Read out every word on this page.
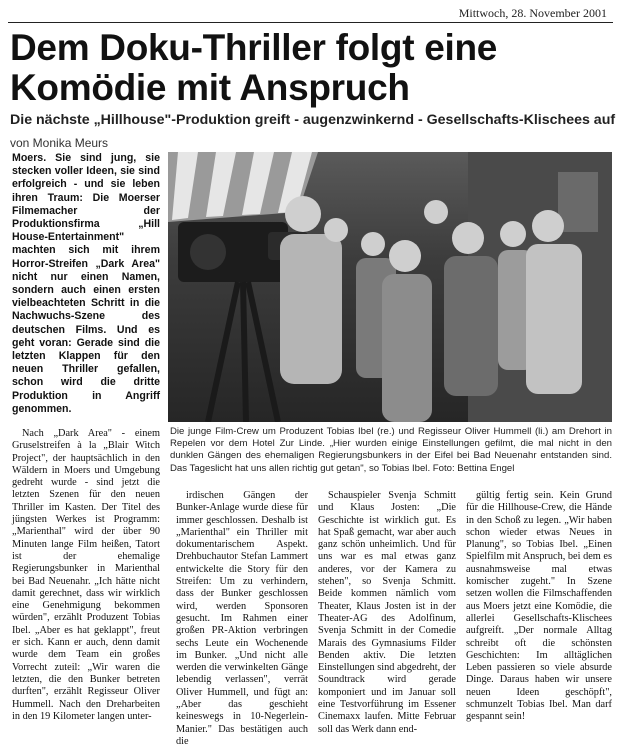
Mittwoch, 28. November 2001
Dem Doku-Thriller folgt eine Komödie mit Anspruch
Die nächste „Hillhouse"-Produktion greift - augenzwinkernd - Gesellschafts-Klischees auf
von Monika Meurs

Moers. Sie sind jung, sie stecken voller Ideen, sie sind erfolgreich - und sie leben ihren Traum: Die Moerser Filmemacher der Produktionsfirma „Hill House-Entertainment" machten sich mit ihrem Horror-Streifen „Dark Area" nicht nur einen Namen, sondern auch einen ersten vielbeachteten Schritt in die Nachwuchs-Szene des deutschen Films. Und es geht voran: Gerade sind die letzten Klappen für den neuen Thriller gefallen, schon wird die dritte Produktion in Angriff genommen.

Die junge Film-Crew um Produzent Tobias Ibel (re.) und Regisseur Oliver Hummell (li.) am Drehort in Repelen vor dem Hotel Zur Linde. „Hier wurden einige Einstellungen gefilmt, die mal nicht in den dunklen Gängen des ehemaligen Regierungsbunkers in der Eifel bei Bad Neuenahr entstanden sind. Das Tageslicht hat uns allen richtig gut getan", so Tobias Ibel. Foto: Bettina Engel

Nach „Dark Area" - einem Gruselstreifen à la „Blair Witch Project", der hauptsächlich in den Wäldern in Moers und Umgebung gedreht wurde - sind jetzt die letzten Szenen für den neuen Thriller im Kasten. Der Titel des jüngsten Werkes ist Programm: „Marienthal" wird der über 90 Minuten lange Film heißen, Tatort ist der ehemalige Regierungsbunker in Marienthal bei Bad Neuenahr. „Ich hätte nicht damit gerechnet, dass wir wirklich eine Genehmigung bekommen würden", erzählt Produzent Tobias Ibel. „Aber es hat geklappt", freut er sich. Kann er auch, denn damit wurde dem Team ein großes Vorrecht zuteil: „Wir waren die letzten, die den Bunker betreten durften", erzählt Regisseur Oliver Hummell. Nach den Dreharbeiten in den 19 Kilometer langen unter-

irdischen Gängen der Bunker-Anlage wurde diese für immer geschlossen. Deshalb ist „Marienthal" ein Thriller mit dokumentarischem Aspekt. Drehbuchautor Stefan Lammert entwickelte die Story für den Streifen: Um zu verhindern, dass der Bunker geschlossen wird, werden Sponsoren gesucht. Im Rahmen einer großen PR-Aktion verbringen sechs Leute ein Wochenende im Bunker. „Und nicht alle werden die verwinkelten Gänge lebendig verlassen", verrät Oliver Hummell, und fügt an: „Aber das geschieht keineswegs in 10-Negerlein-Manier." Das bestätigen auch die

Schauspieler Svenja Schmitt und Klaus Josten: „Die Geschichte ist wirklich gut. Es hat Spaß gemacht, war aber auch ganz schön unheimlich. Und für uns war es mal etwas ganz anderes, vor der Kamera zu stehen", so Svenja Schmitt. Beide kommen nämlich vom Theater, Klaus Josten ist in der Theater-AG des Adolfinum, Svenja Schmitt in der Comedie Marais des Gymnasiums Filder Benden aktiv. Die letzten Einstellungen sind abgedreht, der Soundtrack wird gerade komponiert und im Januar soll eine Testvorführung im Essener Cinemaxx laufen. Mitte Februar soll das Werk dann end-

gültig fertig sein. Kein Grund für die Hillhouse-Crew, die Hände in den Schoß zu legen. „Wir haben schon wieder etwas Neues in Planung", so Tobias Ibel. „Einen Spielfilm mit Anspruch, bei dem es ausnahmsweise mal etwas komischer zugeht." In Szene setzen wollen die Filmschaffenden aus Moers jetzt eine Komödie, die allerlei Gesellschafts-Klischees aufgreift. „Der normale Alltag schreibt oft die schönsten Geschichten: Im alltäglichen Leben passieren so viele absurde Dinge. Daraus haben wir unsere neuen Ideen geschöpft", schmunzelt Tobias Ibel. Man darf gespannt sein!
